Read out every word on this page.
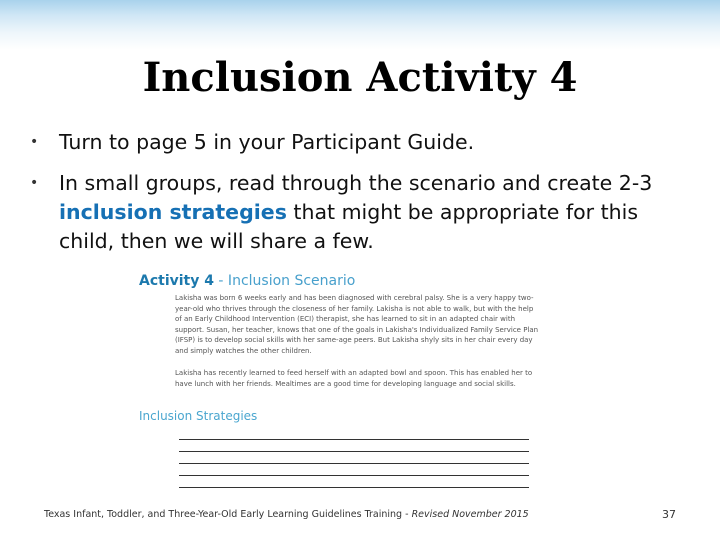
Inclusion Activity 4
• Turn to page 5 in your Participant Guide.
• In small groups, read through the scenario and create 2-3 inclusion strategies that might be appropriate for this child, then we will share a few.
Activity 4 - Inclusion Scenario
Lakisha was born 6 weeks early and has been diagnosed with cerebral palsy. She is a very happy two-year-old who thrives through the closeness of her family. Lakisha is not able to walk, but with the help of an Early Childhood Intervention (ECI) therapist, she has learned to sit in an adapted chair with support. Susan, her teacher, knows that one of the goals in Lakisha's Individualized Family Service Plan (IFSP) is to develop social skills with her same-age peers. But Lakisha shyly sits in her chair every day and simply watches the other children.
Lakisha has recently learned to feed herself with an adapted bowl and spoon. This has enabled her to have lunch with her friends. Mealtimes are a good time for developing language and social skills.
Inclusion Strategies
Texas Infant, Toddler, and Three-Year-Old Early Learning Guidelines Training - Revised November 2015	37
